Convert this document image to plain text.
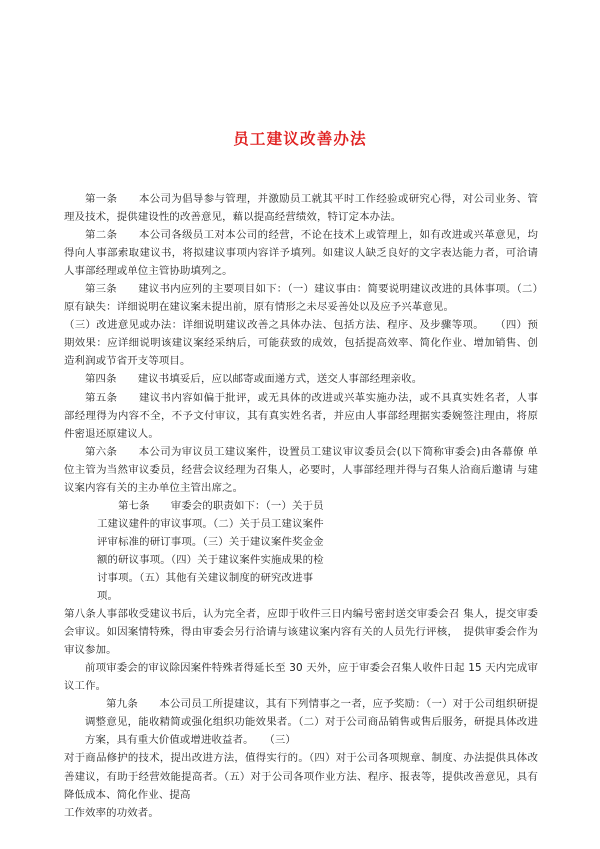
员工建议改善办法

第一条　　本公司为倡导参与管理，并激励员工就其平时工作经验或研究心得，对公司业务、管理及技术，提供建设性的改善意见，藉以提高经营绩效，特订定本办法。

第二条　　本公司各级员工对本公司的经营，不论在技术上或管理上，如有改进或兴革意见，均得向人事部索取建议书，将拟建议事项内容详予填列。如建议人缺乏良好的文字表达能力者，可洽请人事部经理或单位主管协助填列之。

第三条　　建议书内应列的主要项目如下：（一）建议事由：简要说明建议改进的具体事项。（二）原有缺失：详细说明在建议案未提出前，原有情形之未尽妥善处以及应予兴革意见。

（三）改进意见或办法：详细说明建议改善之具体办法、包括方法、程序、及步骤等项。　　（四）预期效果：应详细说明该建议案经采纳后，可能获致的成效，包括提高效率、简化作业、增加销售、创造利润或节省开支等项目。

第四条　　建议书填妥后，应以邮寄或面递方式，送交人事部经理亲收。

第五条　　建议书内容如偏于批评，或无具体的改进或兴革实施办法，或不具真实姓名者，人事部经理得为内容不全，不予文付审议，其有真实姓名者，并应由人事部经理据实委婉签注理由，将原件密退还原建议人。

第六条　　本公司为审议员工建议案件，设置员工建议审议委员会(以下简称审委会)由各幕僚 单位主管为当然审议委员，经营会议经理为召集人，必要时，人事部经理并得与召集人洽商后邀请 与建议案内容有关的主办单位主管出席之。

第七条　　审委会的职责如下：（一）关于员工建议建件的审议事项。（二）关于员工建议案件评审标准的研订事项。（三）关于建议案件奖金金额的研议事项。（四）关于建议案件实施成果的检讨事项。（五）其他有关建议制度的研究改进事项。

第八条人事部收受建议书后，认为完全者，应即于收件三日内编号密封送交审委会召 集人，提交审委会审议。如因案情特殊，得由审委会另行洽请与该建议案内容有关的人员先行评核，　提供审委会作为审议参加。

前项审委会的审议除因案件特殊者得延长至 30 天外，应于审委会召集人收件日起 15 天内完成审议工作。

第九条　　本公司员工所提建议，其有下列情事之一者，应予奖励：（一）对于公司组织研提调整意见，能收精简或强化组织功能效果者。（二）对于公司商品销售或售后服务，研提具体改进方案，具有重大价值或增进收益者。　　（三）

对于商品修护的技术，提出改进方法，值得实行的。（四）对于公司各项规章、制度、办法提供具体改善建议，有助于经营效能提高者。（五）对于公司各项作业方法、程序、报表等，提供改善意见，具有降低成本、简化作业、提高

工作效率的功效者。
